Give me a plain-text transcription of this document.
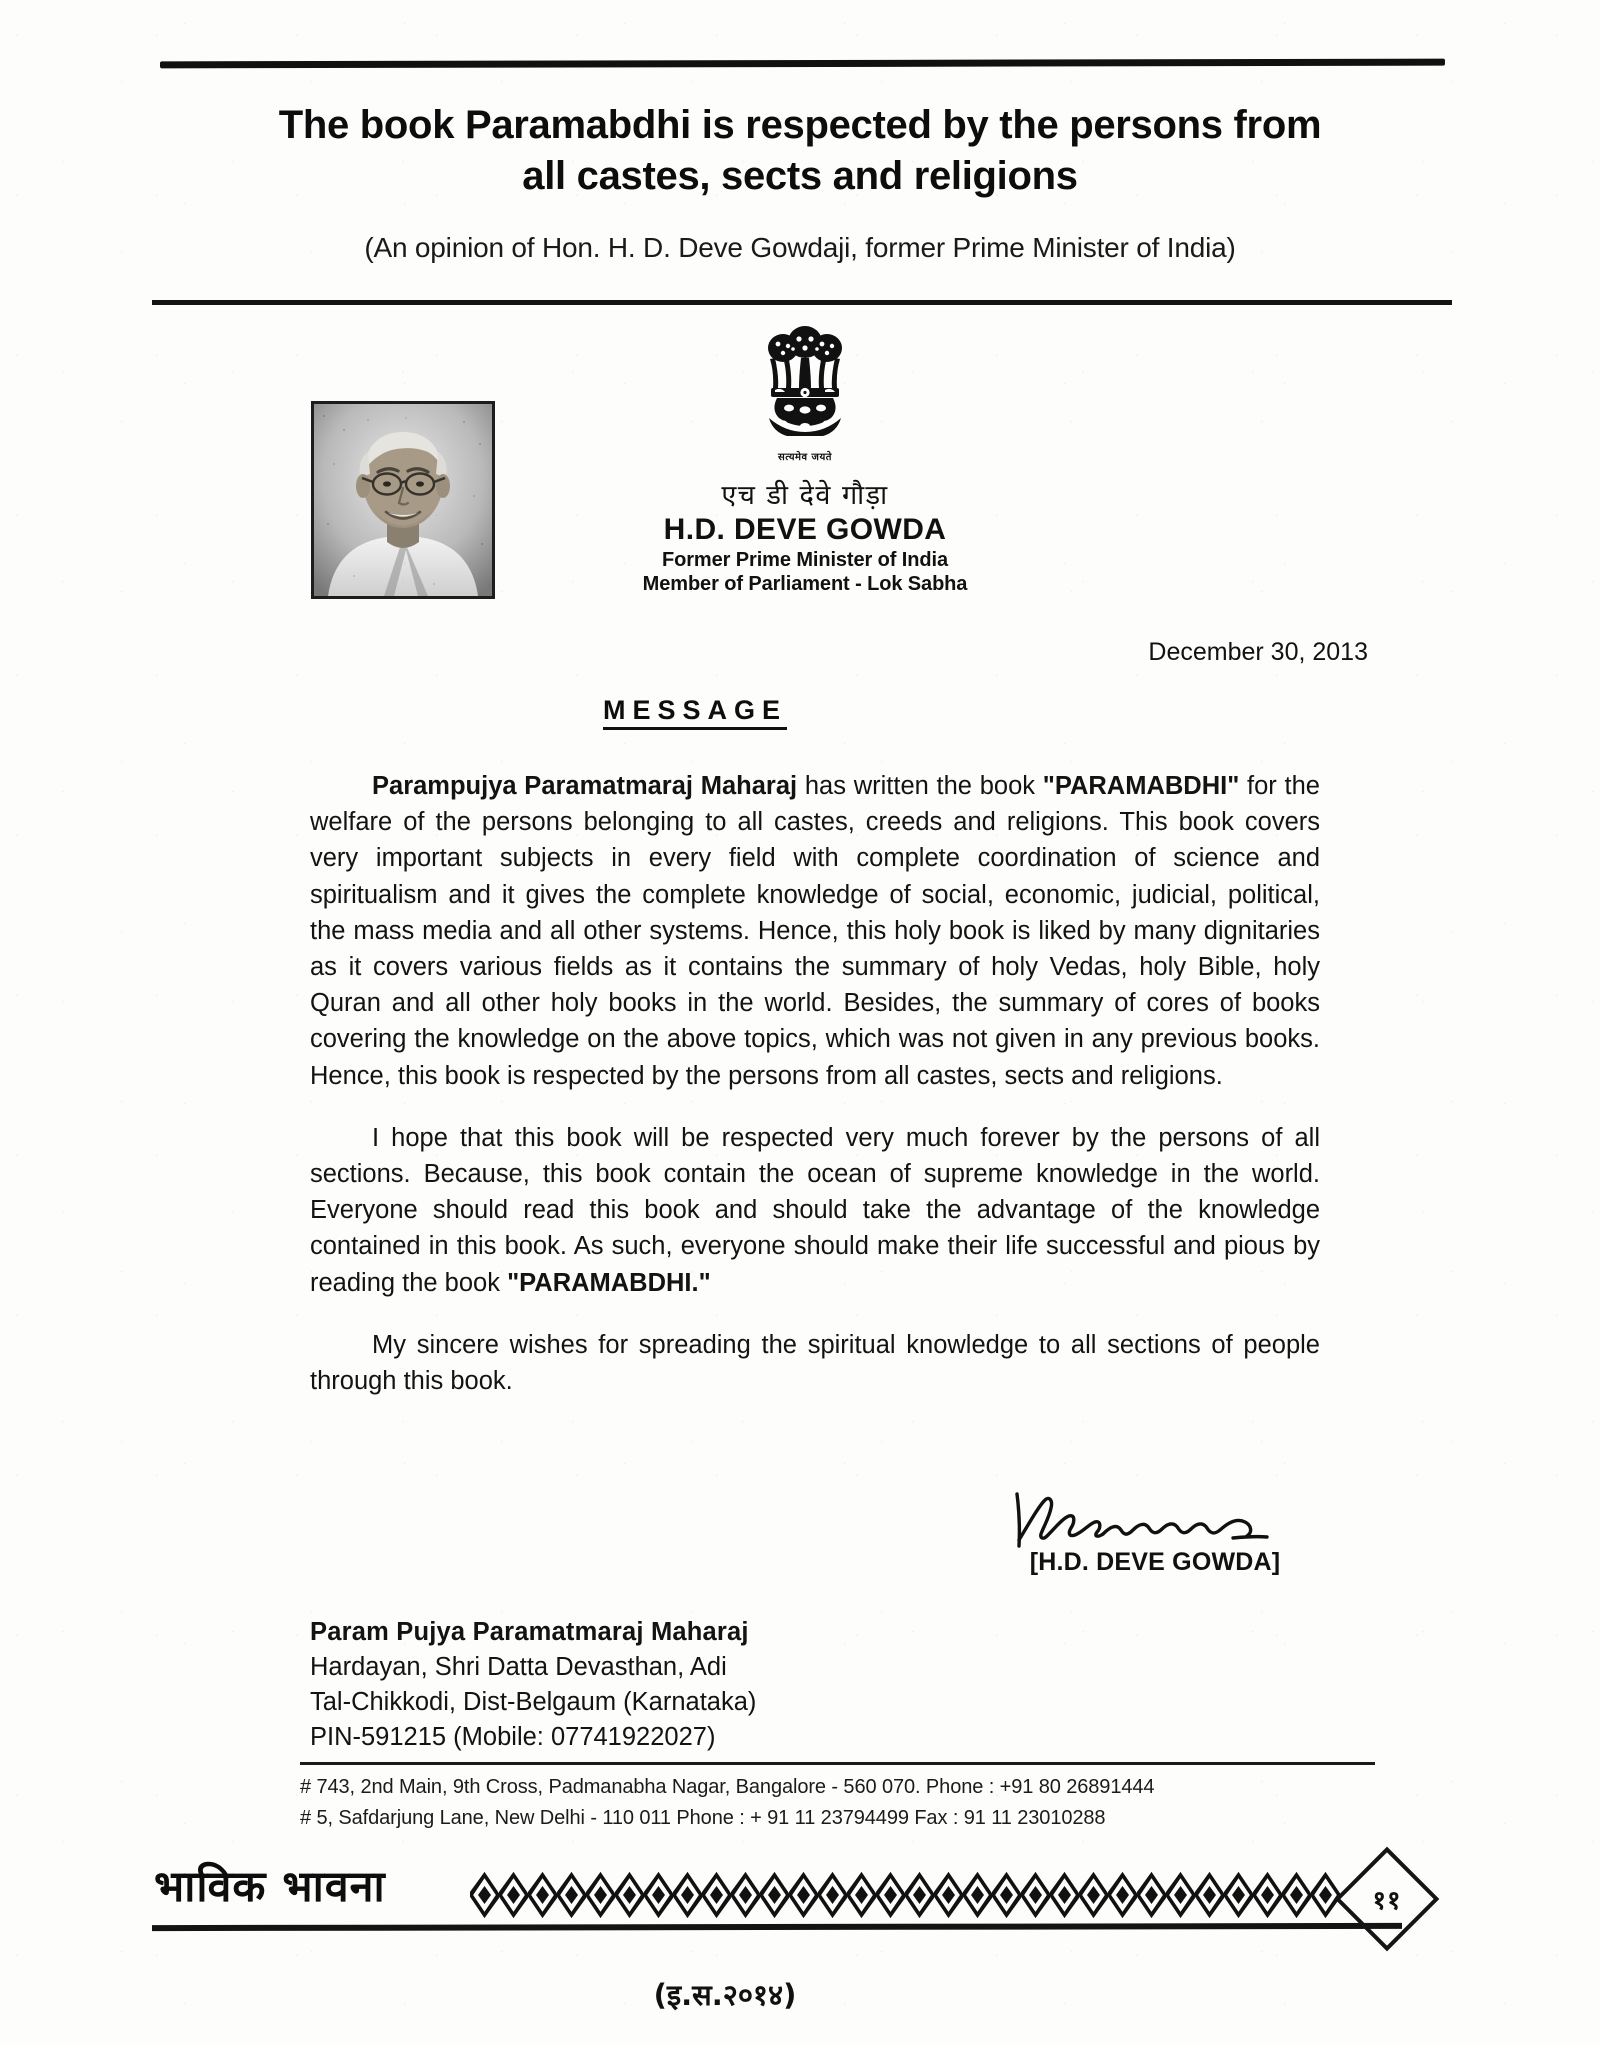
The book Paramabdhi is respected by the persons from
all castes, sects and religions
(An opinion of Hon. H. D. Deve Gowdaji, former Prime Minister of India)
सत्यमेव जयते
एच डी देवे गौड़ा
H.D. DEVE GOWDA
Former Prime Minister of India
Member of Parliament - Lok Sabha
December 30, 2013
MESSAGE

Parampujya Paramatmaraj Maharaj has written the book "PARAMABDHI" for the welfare of the persons belonging to all castes, creeds and religions. This book covers very important subjects in every field with complete coordination of science and spiritualism and it gives the complete knowledge of social, economic, judicial, political, the mass media and all other systems. Hence, this holy book is liked by many dignitaries as it covers various fields as it contains the summary of holy Vedas, holy Bible, holy Quran and all other holy books in the world. Besides, the summary of cores of books covering the knowledge on the above topics, which was not given in any previous books. Hence, this book is respected by the persons from all castes, sects and religions.

I hope that this book will be respected very much forever by the persons of all sections. Because, this book contain the ocean of supreme knowledge in the world. Everyone should read this book and should take the advantage of the knowledge contained in this book. As such, everyone should make their life successful and pious by reading the book "PARAMABDHI."

My sincere wishes for spreading the spiritual knowledge to all sections of people through this book.

[H.D. DEVE GOWDA]
Param Pujya Paramatmaraj Maharaj
Hardayan, Shri Datta Devasthan, Adi
Tal-Chikkodi, Dist-Belgaum (Karnataka)
PIN-591215 (Mobile: 07741922027)
# 743, 2nd Main, 9th Cross, Padmanabha Nagar, Bangalore - 560 070. Phone : +91 80 26891444
# 5, Safdarjung Lane, New Delhi - 110 011 Phone : + 91 11 23794499 Fax : 91 11 23010288
भाविक भावना	११
(इ.स.२०१४)
